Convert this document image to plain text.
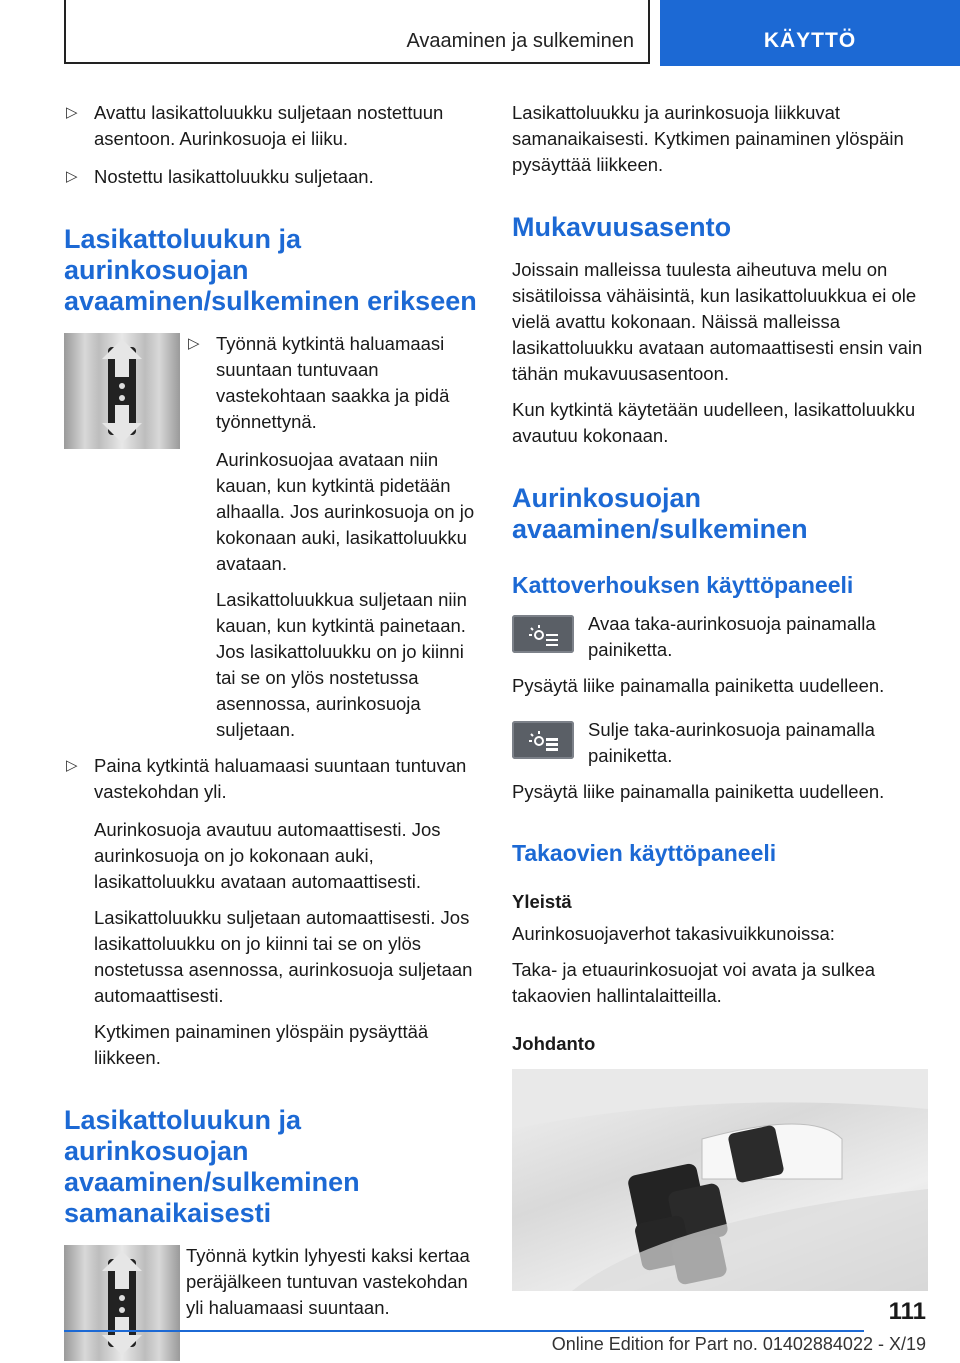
Avaaminen ja sulkeminen	KÄYTTÖ
▷ Avattu lasikattoluukku suljetaan nostettuun asentoon. Aurinkosuoja ei liiku.
▷ Nostettu lasikattoluukku suljetaan.
Lasikattoluukun ja aurinkosuojan avaaminen/sulkeminen erikseen
▷ Työnnä kytkintä haluamaasi suuntaan tuntuvaan vastekohtaan saakka ja pidä työnnettynä.
Aurinkosuojaa avataan niin kauan, kun kytkintä pidetään alhaalla. Jos aurinkosuoja on jo kokonaan auki, lasikattoluukku avataan.
Lasikattoluukkua suljetaan niin kauan, kun kytkintä painetaan. Jos lasikattoluukku on jo kiinni tai se on ylös nostetussa asennossa, aurinkosuoja suljetaan.
▷ Paina kytkintä haluamaasi suuntaan tuntuvan vastekohdan yli.
Aurinkosuoja avautuu automaattisesti. Jos aurinkosuoja on jo kokonaan auki, lasikattoluukku avataan automaattisesti.
Lasikattoluukku suljetaan automaattisesti. Jos lasikattoluukku on jo kiinni tai se on ylös nostetussa asennossa, aurinkosuoja suljetaan automaattisesti.
Kytkimen painaminen ylöspäin pysäyttää liikkeen.
Lasikattoluukun ja aurinkosuojan avaaminen/sulkeminen samanaikaisesti
Työnnä kytkin lyhyesti kaksi kertaa peräjälkeen tuntuvan vastekohdan yli haluamaasi suuntaan.
Lasikattoluukku ja aurinkosuoja liikkuvat samanaikaisesti. Kytkimen painaminen ylöspäin pysäyttää liikkeen.
Mukavuusasento
Joissain malleissa tuulesta aiheutuva melu on sisätiloissa vähäisintä, kun lasikattoluukkua ei ole vielä avattu kokonaan. Näissä malleissa lasikattoluukku avataan automaattisesti ensin vain tähän mukavuusasentoon.
Kun kytkintä käytetään uudelleen, lasikattoluukku avautuu kokonaan.
Aurinkosuojan avaaminen/sulkeminen
Kattoverhouksen käyttöpaneeli
Avaa taka-aurinkosuoja painamalla painiketta.
Pysäytä liike painamalla painiketta uudelleen.
Sulje taka-aurinkosuoja painamalla painiketta.
Pysäytä liike painamalla painiketta uudelleen.
Takaovien käyttöpaneeli
Yleistä
Aurinkosuojaverhot takasivuikkunoissa:
Taka- ja etuaurinkosuojat voi avata ja sulkea takaovien hallintalaitteilla.
Johdanto
111
Online Edition for Part no. 01402884022 - X/19
